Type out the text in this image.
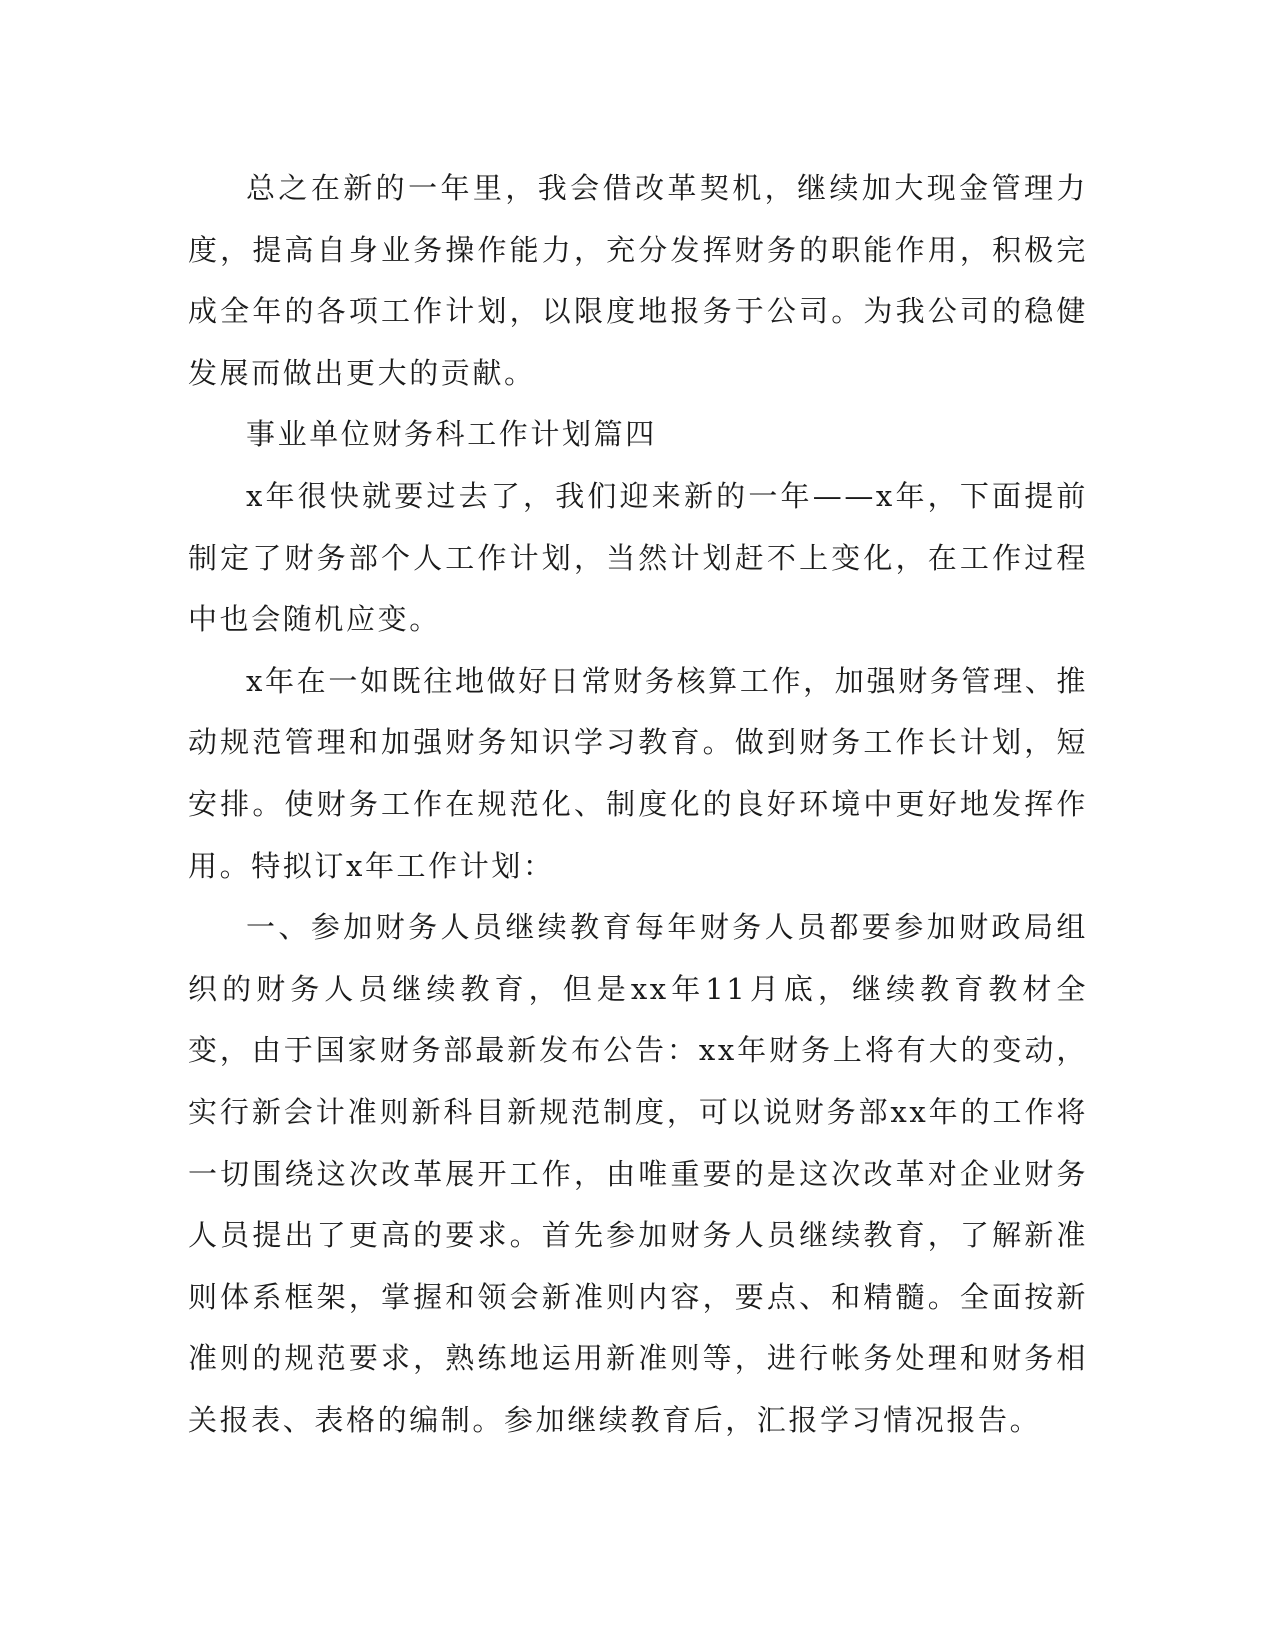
总之在新的一年里，我会借改革契机，继续加大现金管理力度，提高自身业务操作能力，充分发挥财务的职能作用，积极完成全年的各项工作计划，以限度地报务于公司。为我公司的稳健发展而做出更大的贡献。

事业单位财务科工作计划篇四

x年很快就要过去了，我们迎来新的一年——x年，下面提前制定了财务部个人工作计划，当然计划赶不上变化，在工作过程中也会随机应变。

x年在一如既往地做好日常财务核算工作，加强财务管理、推动规范管理和加强财务知识学习教育。做到财务工作长计划，短安排。使财务工作在规范化、制度化的良好环境中更好地发挥作用。特拟订x年工作计划：

一、参加财务人员继续教育每年财务人员都要参加财政局组织的财务人员继续教育，但是xx年11月底，继续教育教材全变，由于国家财务部最新发布公告：xx年财务上将有大的变动，实行新会计准则新科目新规范制度，可以说财务部xx年的工作将一切围绕这次改革展开工作，由唯重要的是这次改革对企业财务人员提出了更高的要求。首先参加财务人员继续教育，了解新准则体系框架，掌握和领会新准则内容，要点、和精髓。全面按新准则的规范要求，熟练地运用新准则等，进行帐务处理和财务相关报表、表格的编制。参加继续教育后，汇报学习情况报告。
